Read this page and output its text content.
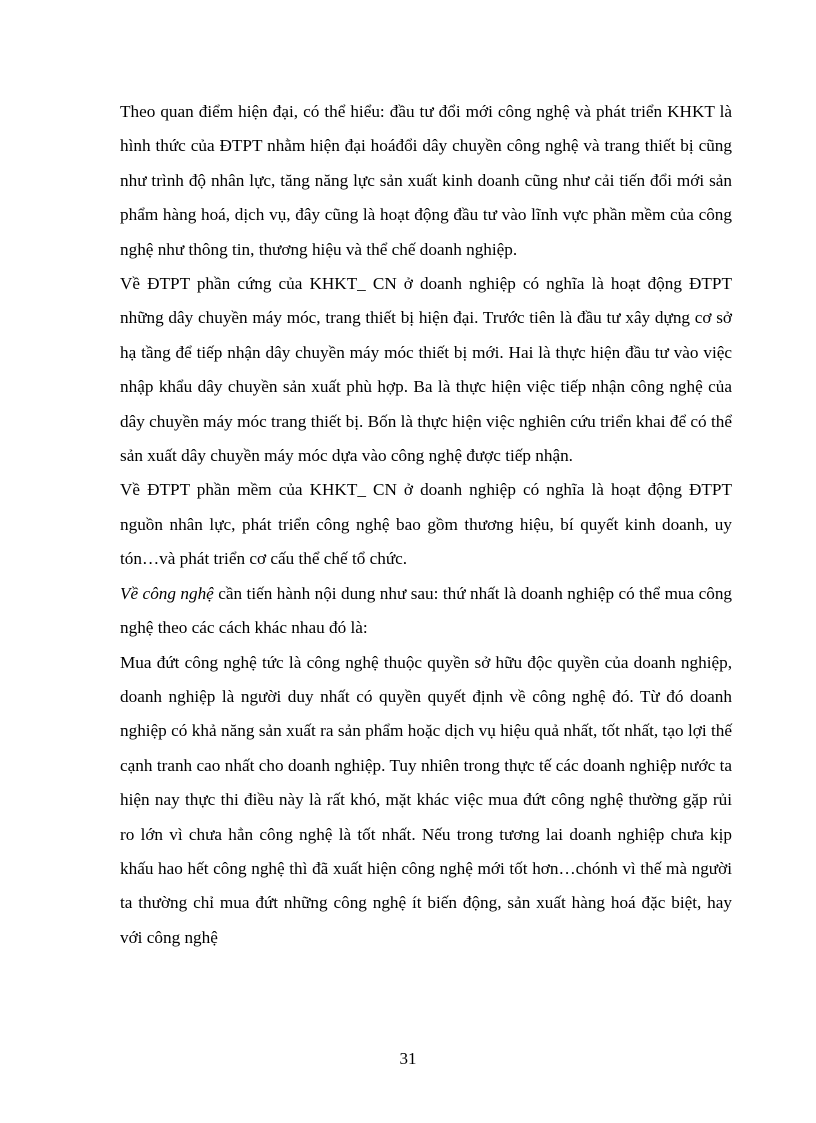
Theo quan điểm hiện đại, có thể hiểu: đầu tư đổi mới công nghệ và phát triển KHKT là hình thức của ĐTPT nhằm hiện đại hoáđổi dây chuyền công nghệ và trang thiết bị cũng như trình độ nhân lực, tăng năng lực sản xuất kinh doanh cũng như cải tiến đổi mới sản phẩm hàng hoá, dịch vụ, đây cũng là hoạt động đầu tư vào lĩnh vực phần mềm của công nghệ như thông tin, thương hiệu và thể chế doanh nghiệp.

Về ĐTPT phần cứng của KHKT_ CN ở doanh nghiệp có nghĩa là hoạt động ĐTPT những dây chuyền máy móc, trang thiết bị hiện đại. Trước tiên là đầu tư xây dựng cơ sở hạ tầng để tiếp nhận dây chuyền máy móc thiết bị mới. Hai là thực hiện đầu tư vào việc nhập khẩu dây chuyền sản xuất phù hợp. Ba là thực hiện việc tiếp nhận công nghệ của dây chuyền máy móc trang thiết bị. Bốn là thực hiện việc nghiên cứu triển khai để có thể sản xuất dây chuyền máy móc dựa vào công nghệ được tiếp nhận.

Về ĐTPT phần mềm của KHKT_ CN ở doanh nghiệp có nghĩa là hoạt động ĐTPT nguồn nhân lực, phát triển công nghệ bao gồm thương hiệu, bí quyết kinh doanh, uy tón…và phát triển cơ cấu thể chế tổ chức.

Về công nghệ cần tiến hành nội dung như sau: thứ nhất là doanh nghiệp có thể mua công nghệ theo các cách khác nhau đó là:

Mua đứt công nghệ tức là công nghệ thuộc quyền sở hữu độc quyền của doanh nghiệp, doanh nghiệp là người duy nhất có quyền quyết định về công nghệ đó. Từ đó doanh nghiệp có khả năng sản xuất ra sản phẩm hoặc dịch vụ hiệu quả nhất, tốt nhất, tạo lợi thế cạnh tranh cao nhất cho doanh nghiệp. Tuy nhiên trong thực tế các doanh nghiệp nước ta hiện nay thực thi điều này là rất khó, mặt khác việc mua đứt công nghệ thường gặp rủi ro lớn vì chưa hẳn công nghệ là tốt nhất. Nếu trong tương lai doanh nghiệp chưa kịp khấu hao hết công nghệ thì đã xuất hiện công nghệ mới tốt hơn…chónh vì thế mà người ta thường chỉ mua đứt những công nghệ ít biến động, sản xuất hàng hoá đặc biệt, hay với công nghệ

31
